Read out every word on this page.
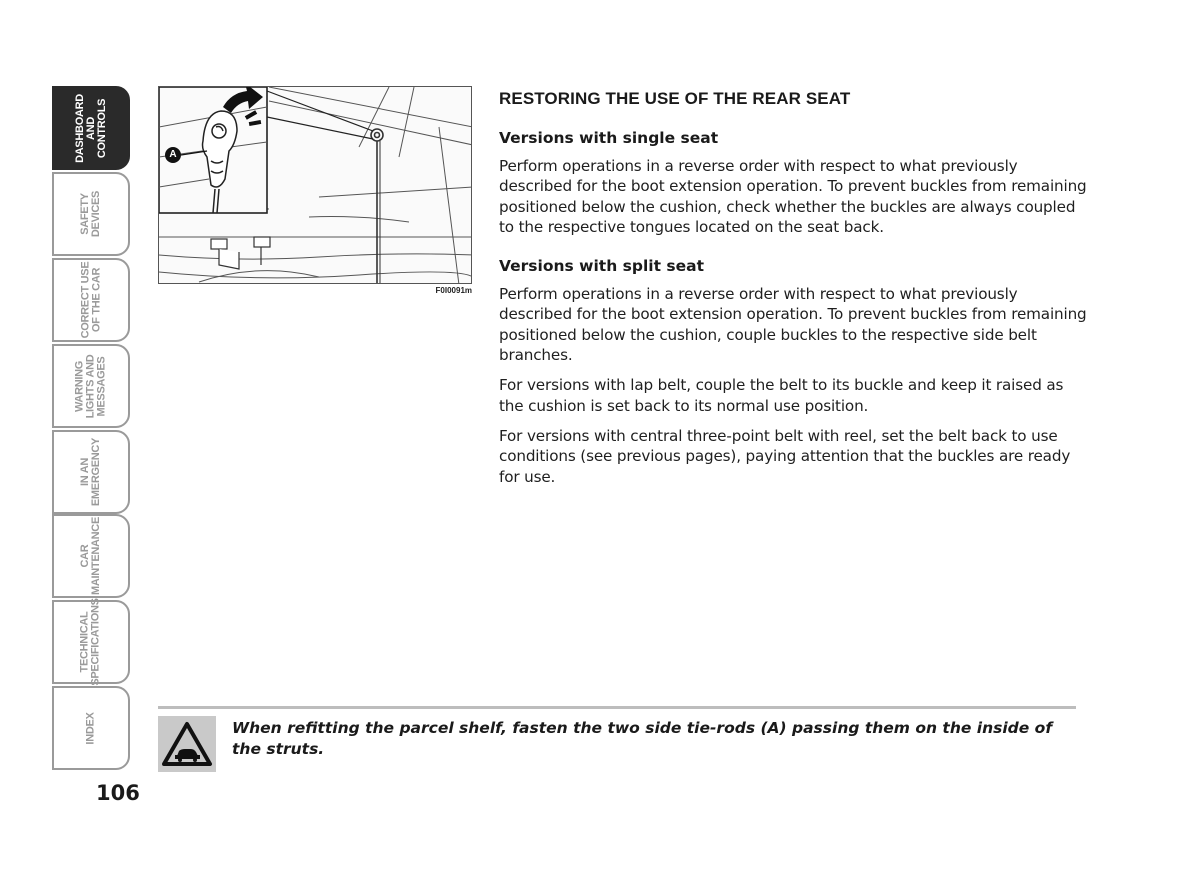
DASHBOARD
AND
CONTROLS
SAFETY
DEVICES
CORRECT USE
OF THE CAR
WARNING
LIGHTS AND
MESSAGES
IN AN
EMERGENCY
CAR
MAINTENANCE
TECHNICAL
SPECIFICATIONS
INDEX
106
A
F0I0091m
RESTORING THE USE OF THE REAR SEAT
Versions with single seat

Perform operations in a reverse order with respect to what previously described for the boot extension operation. To prevent buckles from remaining positioned below the cushion, check whether the buckles are always coupled to the respective tongues located on the seat back.

Versions with split seat

Perform operations in a reverse order with respect to what previously described for the boot extension operation. To prevent buckles from remaining positioned below the cushion, couple buckles to the respective side belt branches.

For versions with lap belt, couple the belt to its buckle and keep it raised as the cushion is set back to its normal use position.

For versions with central three-point belt with reel, set the belt back to use conditions (see previous pages), paying attention that the buckles are ready for use.

When refitting the parcel shelf, fasten the two side tie-rods (A) passing them on the inside of the struts.
